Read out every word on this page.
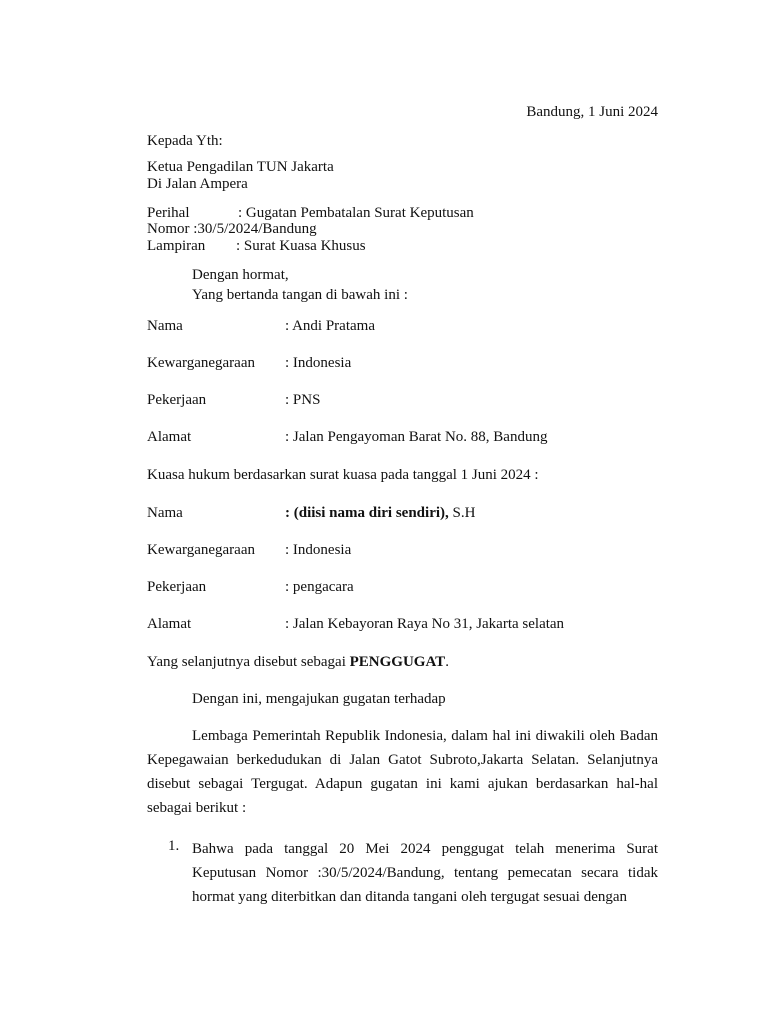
Bandung, 1 Juni 2024
Kepada Yth:
Ketua Pengadilan TUN Jakarta
Di Jalan Ampera
Perihal	: Gugatan Pembatalan Surat Keputusan
Nomor :30/5/2024/Bandung
Lampiran : Surat Kuasa Khusus
Dengan hormat,
Yang bertanda tangan di bawah ini :
Nama	: Andi Pratama
Kewarganegaraan : Indonesia
Pekerjaan	: PNS
Alamat	: Jalan Pengayoman Barat No. 88, Bandung
Kuasa hukum berdasarkan surat kuasa pada tanggal 1 Juni 2024 :
Nama	: (diisi nama diri sendiri), S.H
Kewarganegaraan : Indonesia
Pekerjaan	: pengacara
Alamat	: Jalan Kebayoran Raya No 31, Jakarta selatan
Yang selanjutnya disebut sebagai PENGGUGAT.
Dengan ini, mengajukan gugatan terhadap
Lembaga Pemerintah Republik Indonesia, dalam hal ini diwakili oleh Badan Kepegawaian berkedudukan di Jalan Gatot Subroto,Jakarta Selatan. Selanjutnya disebut sebagai Tergugat. Adapun gugatan ini kami ajukan berdasarkan hal-hal sebagai berikut :
1. Bahwa pada tanggal 20 Mei 2024 penggugat telah menerima Surat Keputusan Nomor :30/5/2024/Bandung, tentang pemecatan secara tidak hormat yang diterbitkan dan ditanda tangani oleh tergugat sesuai dengan
